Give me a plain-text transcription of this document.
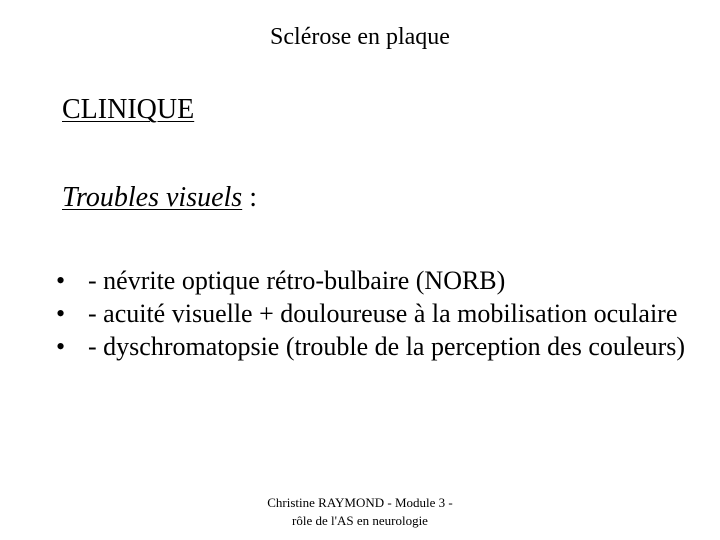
Sclérose en plaque
CLINIQUE
Troubles visuels :
• - névrite optique rétro-bulbaire (NORB)
• - acuité visuelle + douloureuse à la mobilisation oculaire
• - dyschromatopsie (trouble de la perception des couleurs)
Christine RAYMOND - Module 3 -
rôle de l'AS en neurologie
